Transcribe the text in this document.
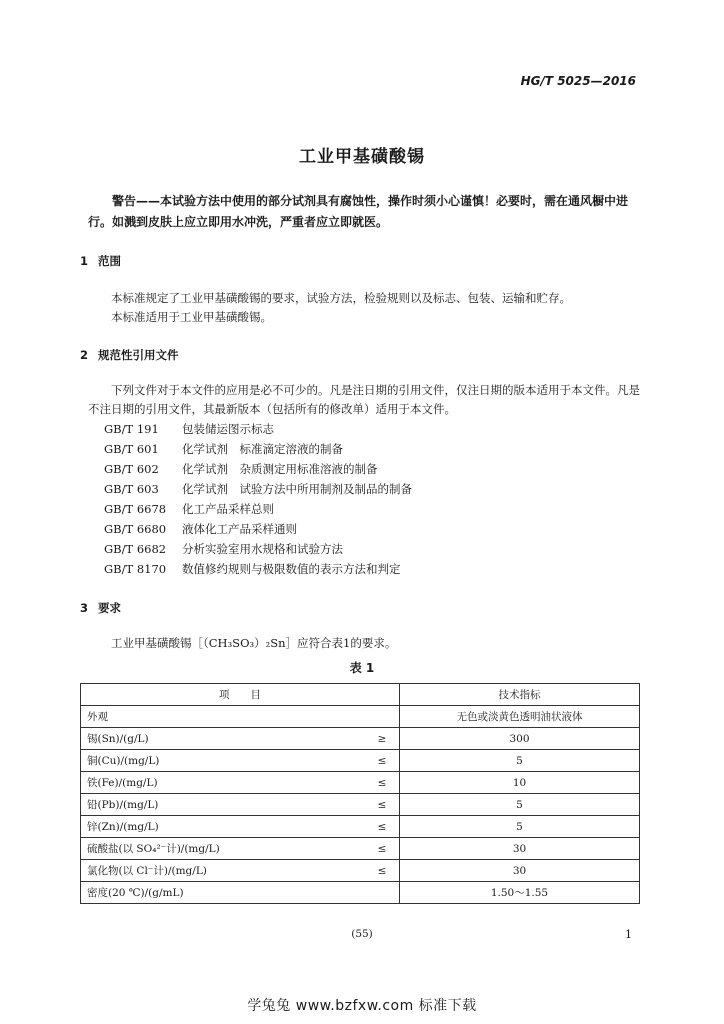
HG/T 5025—2016
工业甲基磺酸锡
警告——本试验方法中使用的部分试剂具有腐蚀性，操作时须小心谨慎！必要时，需在通风橱中进行。如溅到皮肤上应立即用水冲洗，严重者应立即就医。
1 范围
本标准规定了工业甲基磺酸锡的要求，试验方法，检验规则以及标志、包装、运输和贮存。
本标准适用于工业甲基磺酸锡。
2 规范性引用文件
下列文件对于本文件的应用是必不可少的。凡是注日期的引用文件，仅注日期的版本适用于本文件。凡是不注日期的引用文件，其最新版本（包括所有的修改单）适用于本文件。
GB/T 191 包装储运图示标志
GB/T 601 化学试剂　标准滴定溶液的制备
GB/T 602 化学试剂　杂质测定用标准溶液的制备
GB/T 603 化学试剂　试验方法中所用制剂及制品的制备
GB/T 6678 化工产品采样总则
GB/T 6680 液体化工产品采样通则
GB/T 6682 分析实验室用水规格和试验方法
GB/T 8170 数值修约规则与极限数值的表示方法和判定
3 要求
工业甲基磺酸锡［（CH₃SO₃）₂Sn］应符合表1的要求。
表 1
项　　目		技术指标
外观		无色或淡黄色透明油状液体
锡(Sn)/(g/L)	≥	300
铜(Cu)/(mg/L)	≤	5
铁(Fe)/(mg/L)	≤	10
铅(Pb)/(mg/L)	≤	5
锌(Zn)/(mg/L)	≤	5
硫酸盐(以 SO₄²⁻计)/(mg/L)	≤	30
氯化物(以 Cl⁻计)/(mg/L)	≤	30
密度(20 ℃)/(g/mL)		1.50～1.55
(55)	1
学兔兔 www.bzfxw.com 标准下载
